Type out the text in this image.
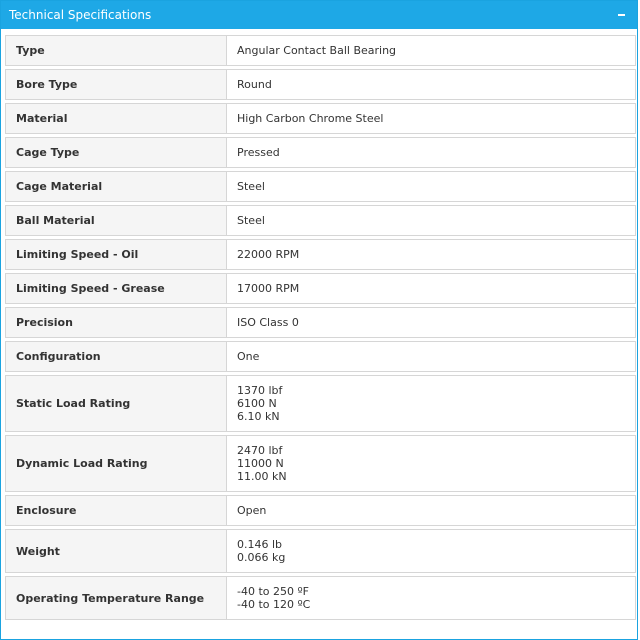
Technical Specifications
Type	Angular Contact Ball Bearing
Bore Type	Round
Material	High Carbon Chrome Steel
Cage Type	Pressed
Cage Material	Steel
Ball Material	Steel
Limiting Speed - Oil	22000 RPM
Limiting Speed - Grease	17000 RPM
Precision	ISO Class 0
Configuration	One
Static Load Rating	1370 lbf
6100 N
6.10 kN
Dynamic Load Rating	2470 lbf
11000 N
11.00 kN
Enclosure	Open
Weight	0.146 lb
0.066 kg
Operating Temperature Range	-40 to 250 ºF
-40 to 120 ºC
